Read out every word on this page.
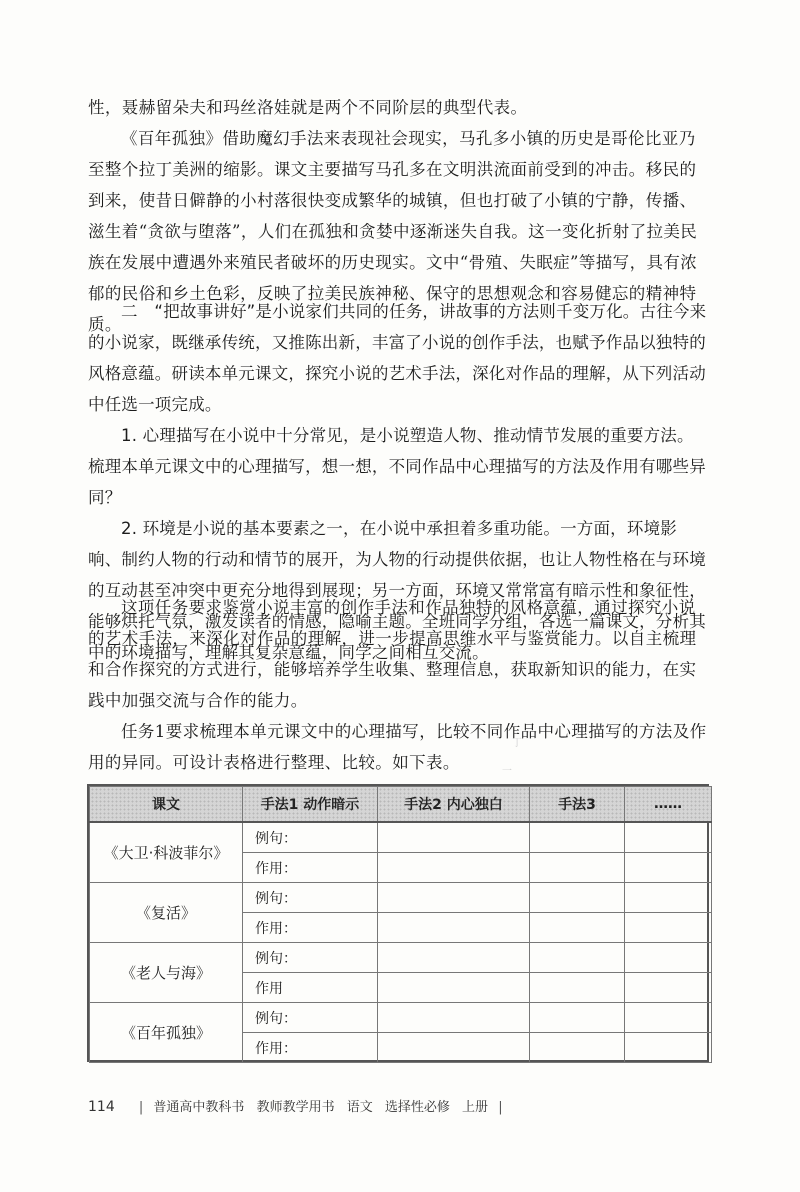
性，聂赫留朵夫和玛丝洛娃就是两个不同阶层的典型代表。

《百年孤独》借助魔幻手法来表现社会现实，马孔多小镇的历史是哥伦比亚乃至整个拉丁美洲的缩影。课文主要描写马孔多在文明洪流面前受到的冲击。移民的到来，使昔日僻静的小村落很快变成繁华的城镇，但也打破了小镇的宁静，传播、滋生着“贪欲与堕落”，人们在孤独和贪婪中逐渐迷失自我。这一变化折射了拉美民族在发展中遭遇外来殖民者破坏的历史现实。文中“骨殖、失眠症”等描写，具有浓郁的民俗和乡土色彩，反映了拉美民族神秘、保守的思想观念和容易健忘的精神特质。

二　“把故事讲好”是小说家们共同的任务，讲故事的方法则千变万化。古往今来的小说家，既继承传统，又推陈出新，丰富了小说的创作手法，也赋予作品以独特的风格意蕴。研读本单元课文，探究小说的艺术手法，深化对作品的理解，从下列活动中任选一项完成。

1. 心理描写在小说中十分常见，是小说塑造人物、推动情节发展的重要方法。梳理本单元课文中的心理描写，想一想，不同作品中心理描写的方法及作用有哪些异同？

2. 环境是小说的基本要素之一，在小说中承担着多重功能。一方面，环境影响、制约人物的行动和情节的展开，为人物的行动提供依据，也让人物性格在与环境的互动甚至冲突中更充分地得到展现；另一方面，环境又常常富有暗示性和象征性，能够烘托气氛，激发读者的情感，隐喻主题。全班同学分组，各选一篇课文，分析其中的环境描写，理解其复杂意蕴，同学之间相互交流。

这项任务要求鉴赏小说丰富的创作手法和作品独特的风格意蕴，通过探究小说的艺术手法，来深化对作品的理解，进一步提高思维水平与鉴赏能力。以自主梳理和合作探究的方式进行，能够培养学生收集、整理信息，获取新知识的能力，在实践中加强交流与合作的能力。

任务1要求梳理本单元课文中的心理描写，比较不同作品中心理描写的方法及作用的异同。可设计表格进行整理、比较。如下表。

丁
一
课文	手法1 动作暗示	手法2 内心独白	手法3	……
《大卫·科波菲尔》	例句：			
	作用：			
《复活》	例句：			
	作用：			
《老人与海》	例句：			
	作用			
《百年孤独》	例句：			
	作用：			
114 | 普通高中教科书 教师教学用书 语文 选择性必修 上册 |
